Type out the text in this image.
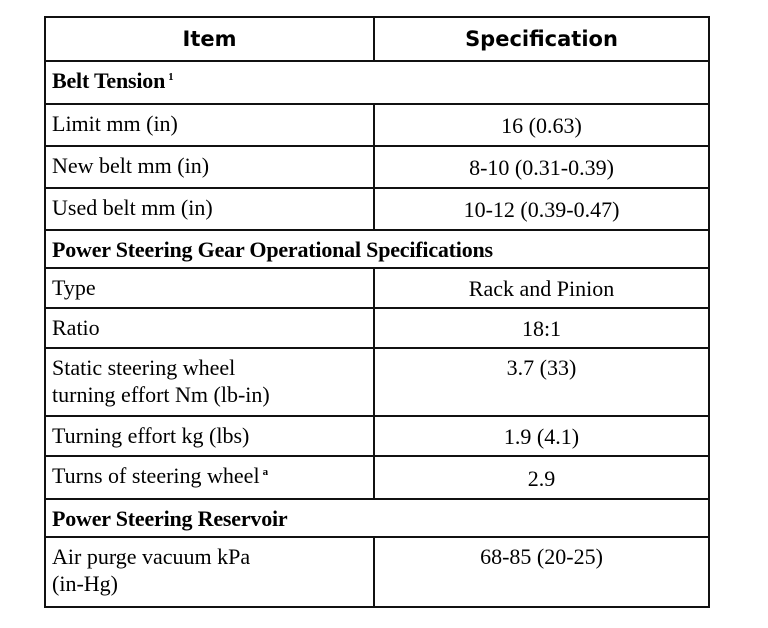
Item	Specification
Belt Tension $^1$
Limit mm (in)	16 (0.63)
New belt mm (in)	8-10 (0.31-0.39)
Used belt mm (in)	10-12 (0.39-0.47)
Power Steering Gear Operational Specifications	
Type	Rack and Pinion
Ratio	18:1

Static steering wheel
turning effort Nm (lb-in)	3.7 (33)
Turning effort kg (lbs)	1.9 (4.1)
Turns of steering wheel $^a$	2.9
Power Steering Reservoir	

Air purge vacuum kPa
(in-Hg)	68-85 (20-25)
